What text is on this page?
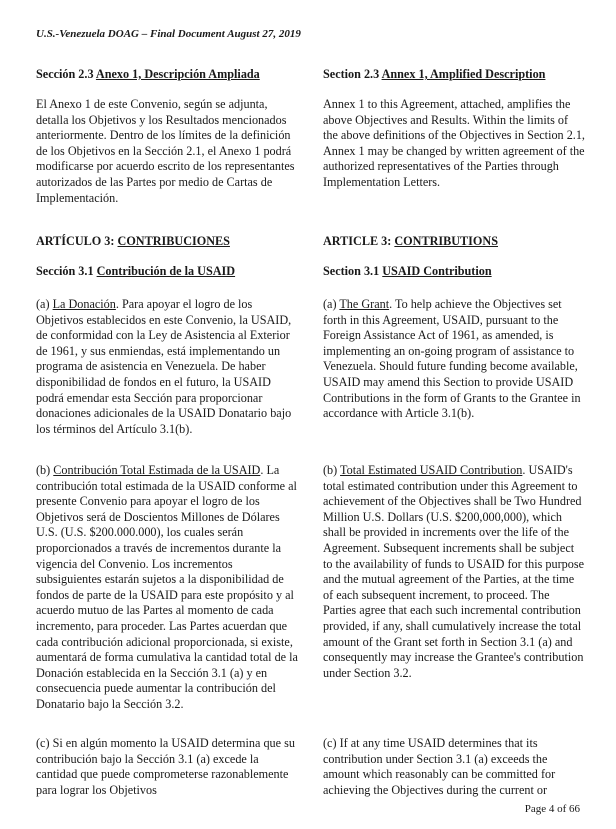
U.S.-Venezuela DOAG – Final Document August 27, 2019

Sección 2.3 Anexo 1, Descripción Ampliada

El Anexo 1 de este Convenio, según se adjunta, detalla los Objetivos y los Resultados mencionados anteriormente. Dentro de los límites de la definición de los Objetivos en la Sección 2.1, el Anexo 1 podrá modificarse por acuerdo escrito de los representantes autorizados de las Partes por medio de Cartas de Implementación.

ARTÍCULO 3: CONTRIBUCIONES

Sección 3.1 Contribución de la USAID

(a) La Donación. Para apoyar el logro de los Objetivos establecidos en este Convenio, la USAID, de conformidad con la Ley de Asistencia al Exterior de 1961, y sus enmiendas, está implementando un programa de asistencia en Venezuela. De haber disponibilidad de fondos en el futuro, la USAID podrá emendar esta Sección para proporcionar donaciones adicionales de la USAID Donatario bajo los términos del Artículo 3.1(b).

(b) Contribución Total Estimada de la USAID. La contribución total estimada de la USAID conforme al presente Convenio para apoyar el logro de los Objetivos será de Doscientos Millones de Dólares U.S. (U.S. $200.000.000), los cuales serán proporcionados a través de incrementos durante la vigencia del Convenio. Los incrementos subsiguientes estarán sujetos a la disponibilidad de fondos de parte de la USAID para este propósito y al acuerdo mutuo de las Partes al momento de cada incremento, para proceder. Las Partes acuerdan que cada contribución adicional proporcionada, si existe, aumentará de forma cumulativa la cantidad total de la Donación establecida en la Sección 3.1 (a) y en consecuencia puede aumentar la contribución del Donatario bajo la Sección 3.2.

(c) Si en algún momento la USAID determina que su contribución bajo la Sección 3.1 (a) excede la cantidad que puede comprometerse razonablemente para lograr los Objetivos

Section 2.3 Annex 1, Amplified Description

Annex 1 to this Agreement, attached, amplifies the above Objectives and Results. Within the limits of the above definitions of the Objectives in Section 2.1, Annex 1 may be changed by written agreement of the authorized representatives of the Parties through Implementation Letters.

ARTICLE 3: CONTRIBUTIONS

Section 3.1 USAID Contribution

(a) The Grant. To help achieve the Objectives set forth in this Agreement, USAID, pursuant to the Foreign Assistance Act of 1961, as amended, is implementing an on-going program of assistance to Venezuela. Should future funding become available, USAID may amend this Section to provide USAID Contributions in the form of Grants to the Grantee in accordance with Article 3.1(b).

(b) Total Estimated USAID Contribution. USAID's total estimated contribution under this Agreement to achievement of the Objectives shall be Two Hundred Million U.S. Dollars (U.S. $200,000,000), which shall be provided in increments over the life of the Agreement. Subsequent increments shall be subject to the availability of funds to USAID for this purpose and the mutual agreement of the Parties, at the time of each subsequent increment, to proceed. The Parties agree that each such incremental contribution provided, if any, shall cumulatively increase the total amount of the Grant set forth in Section 3.1 (a) and consequently may increase the Grantee's contribution under Section 3.2.

(c) If at any time USAID determines that its contribution under Section 3.1 (a) exceeds the amount which reasonably can be committed for achieving the Objectives during the current or

Page 4 of 66
